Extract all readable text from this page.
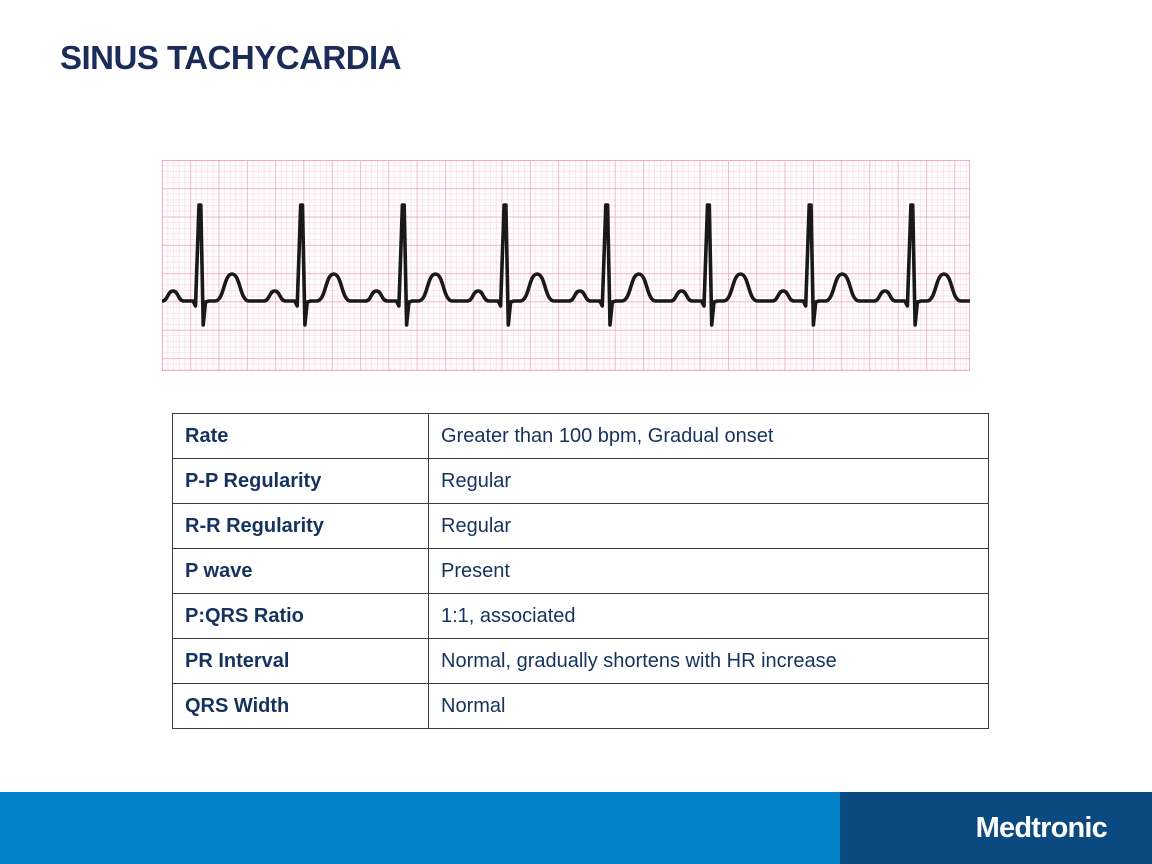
SINUS TACHYCARDIA
Rate	Greater than 100 bpm, Gradual onset
P-P Regularity	Regular
R-R Regularity	Regular
P wave	Present
P:QRS Ratio	1:1, associated
PR Interval	Normal, gradually shortens with HR increase
QRS Width	Normal
Medtronic
